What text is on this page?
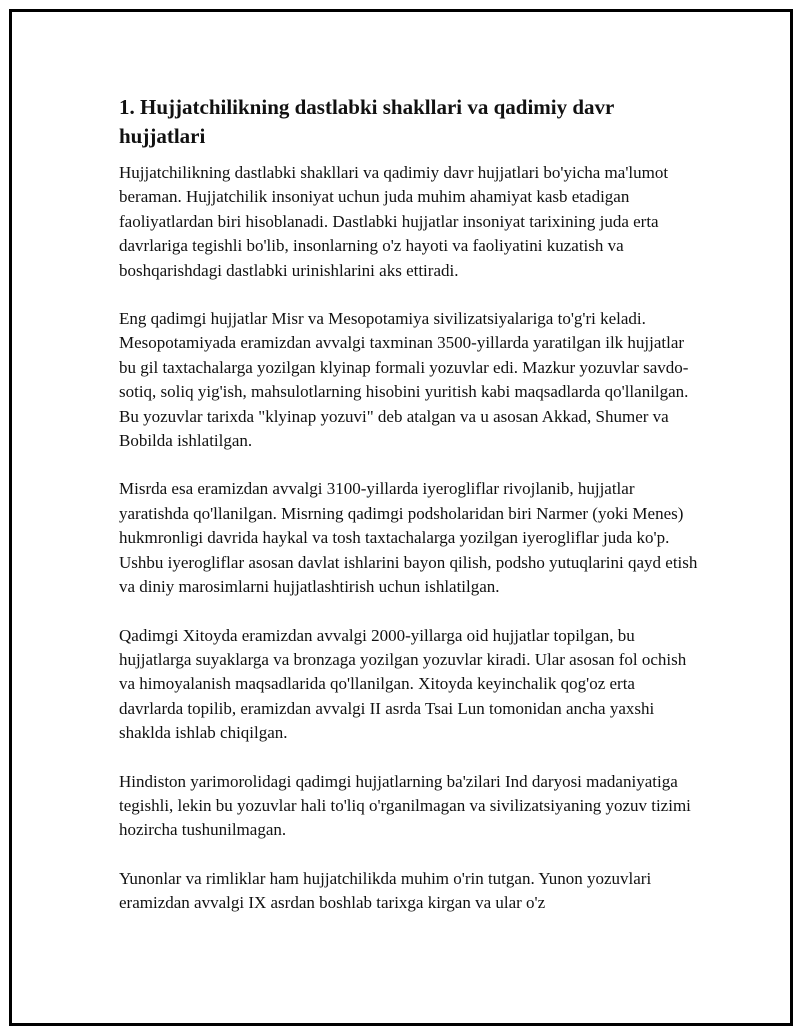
1. Hujjatchilikning dastlabki shakllari va qadimiy davr hujjatlari

Hujjatchilikning dastlabki shakllari va qadimiy davr hujjatlari bo'yicha ma'lumot beraman. Hujjatchilik insoniyat uchun juda muhim ahamiyat kasb etadigan faoliyatlardan biri hisoblanadi. Dastlabki hujjatlar insoniyat tarixining juda erta davrlariga tegishli bo'lib, insonlarning o'z hayoti va faoliyatini kuzatish va boshqarishdagi dastlabki urinishlarini aks ettiradi.

Eng qadimgi hujjatlar Misr va Mesopotamiya sivilizatsiyalariga to'g'ri keladi. Mesopotamiyada eramizdan avvalgi taxminan 3500-yillarda yaratilgan ilk hujjatlar bu gil taxtachalarga yozilgan klyinap formali yozuvlar edi. Mazkur yozuvlar savdo-sotiq, soliq yig'ish, mahsulotlarning hisobini yuritish kabi maqsadlarda qo'llanilgan. Bu yozuvlar tarixda "klyinap yozuvi" deb atalgan va u asosan Akkad, Shumer va Bobilda ishlatilgan.

Misrda esa eramizdan avvalgi 3100-yillarda iyerogliflar rivojlanib, hujjatlar yaratishda qo'llanilgan. Misrning qadimgi podsholaridan biri Narmer (yoki Menes) hukmronligi davrida haykal va tosh taxtachalarga yozilgan iyerogliflar juda ko'p. Ushbu iyerogliflar asosan davlat ishlarini bayon qilish, podsho yutuqlarini qayd etish va diniy marosimlarni hujjatlashtirish uchun ishlatilgan.

Qadimgi Xitoyda eramizdan avvalgi 2000-yillarga oid hujjatlar topilgan, bu hujjatlarga suyaklarga va bronzaga yozilgan yozuvlar kiradi. Ular asosan fol ochish va himoyalanish maqsadlarida qo'llanilgan. Xitoyda keyinchalik qog'oz erta davrlarda topilib, eramizdan avvalgi II asrda Tsai Lun tomonidan ancha yaxshi shaklda ishlab chiqilgan.

Hindiston yarimorolidagi qadimgi hujjatlarning ba'zilari Ind daryosi madaniyatiga tegishli, lekin bu yozuvlar hali to'liq o'rganilmagan va sivilizatsiyaning yozuv tizimi hozircha tushunilmagan.

Yunonlar va rimliklar ham hujjatchilikda muhim o'rin tutgan. Yunon yozuvlari eramizdan avvalgi IX asrdan boshlab tarixga kirgan va ular o'z
